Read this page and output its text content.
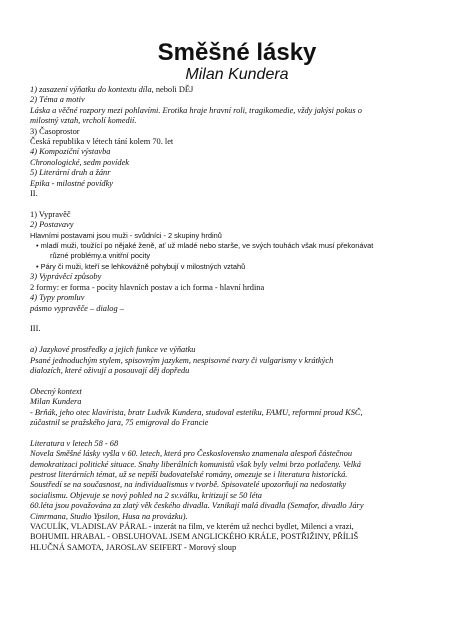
Směšné lásky
Milan Kundera
1) zasazení výňatku do kontextu díla, neboli DĚJ
2) Téma a motiv
Láska a věčné rozpory mezi pohlavími. Erotika hraje hravní roli, tragikomedie, vždy jakýsi pokus o
milostný vztah, vrcholí komedií.
3) Časoprostor
Česká republika v létech tání kolem 70. let
4) Kompoziční výstavba
Chronologické, sedm povídek
5) Literární druh a žánr
Epika - milostné povídky
II.
1) Vypravěč
2) Postavavy
Hlavními postavami jsou muži - svůdníci - 2 skupiny hrdinů
• mladí muži, toužící po nějaké ženě, ať už mladé nebo starše, ve svých touhách však musí překonávat
různé problémy.a vnitřní pocity
• Páry či muži, kteří se lehkovážně pohybují v milostných vztahů
3) Vyprávěcí způsoby
2 formy: er forma - pocity hlavních postav a ich forma - hlavní hrdina
4) Typy promluv
pásmo vypravěče – dialog –
III.
a) Jazykové prostředky a jejich funkce ve výňatku
Psané jednoduchým stylem, spisovným jazykem, nespisovné tvary či vulgarismy v krátkých
dialozích, které oživují a posouvají děj dopředu
Obecný kontext
Milan Kundera
- Brňák, jeho otec klavírista, bratr Ludvík Kundera, studoval estetiku, FAMU, reformní proud KSČ,
zúčastnil se pražského jara, 75 emigroval do Francie
Literatura v letech 58 - 68
Novela Směšné lásky vyšla v 60. letech, která pro Československo znamenala alespoň částečnou
demokratizaci politické situace. Snahy liberálních komunistů však byly velmi brzo potlačeny. Velká
pestrost literárních témat, už se nepíší budovatelské romány, omezuje se i literatura historická.
Soustředí se na současnost, na individualismus v tvorbě. Spisovatelé upozorňují na nedostatky
socialismu. Objevuje se nový pohled na 2 sv.válku, kritizují se 50 léta
60.léta jsou považována za zlatý věk českého divadla. Vznikají malá divadla (Semafor, divadlo Járy
Cimrmana, Studio Ypsilon, Husa na provázku).
VACULÍK, VLADISLAV PÁRAL - inzerát na film, ve kterém už nechci bydlet, Milenci a vrazi,
BOHUMIL HRABAL - OBSLUHOVAL JSEM ANGLICKÉHO KRÁLE, POSTŘIŽINY, PŘÍLIŠ
HLUČNÁ SAMOTA, JAROSLAV SEIFERT - Morový sloup
